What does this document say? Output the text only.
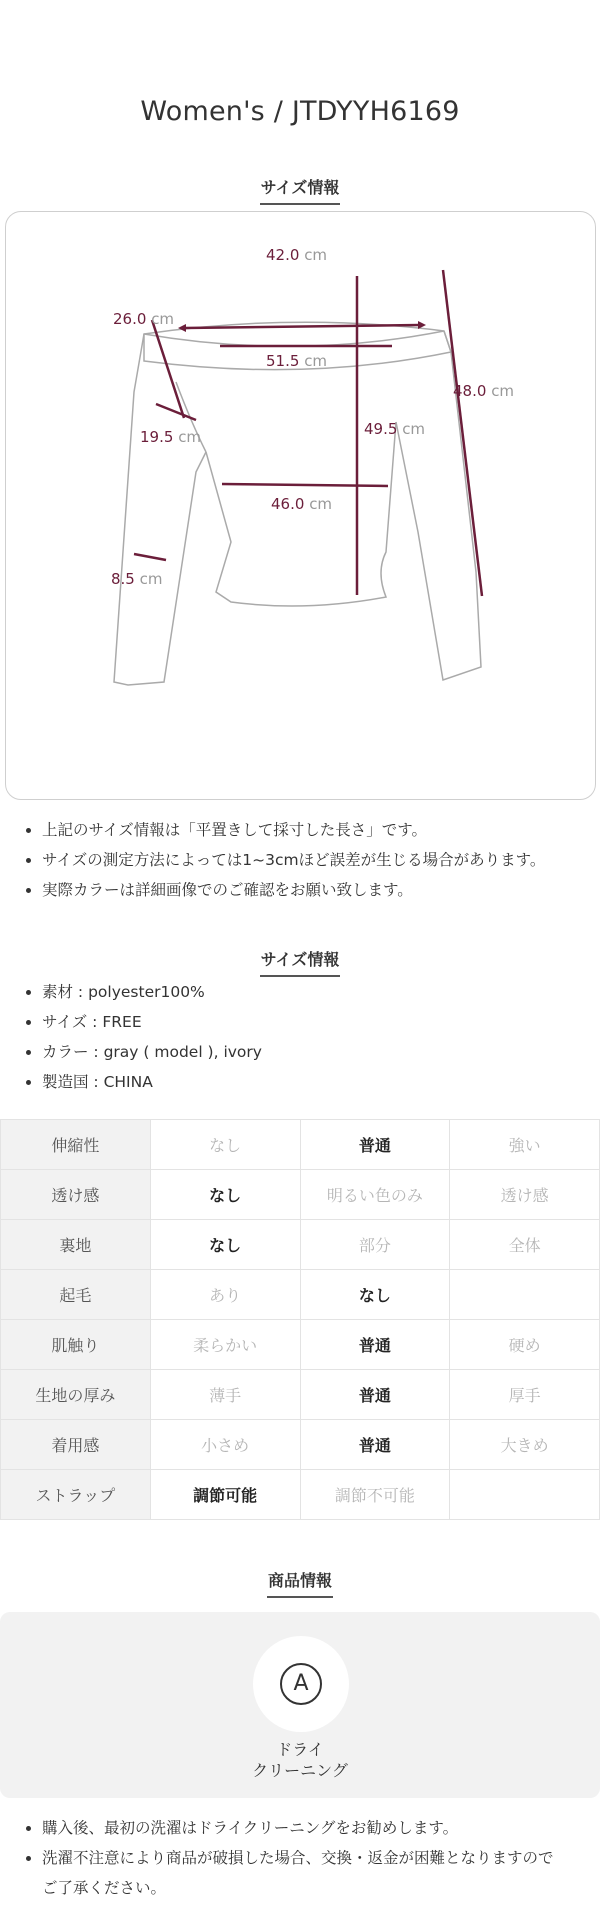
Women's / JTDYYH6169
サイズ情報
42.0 cm
26.0 cm
51.5 cm
48.0 cm
19.5 cm	49.5 cm
46.0 cm
8.5 cm
• 上記のサイズ情報は「平置きして採寸した長さ」です。
• サイズの測定方法によっては1~3cmほど誤差が生じる場合があります。
• 実際カラーは詳細画像でのご確認をお願い致します。
サイズ情報
• 素材 : polyester100%
• サイズ : FREE
• カラー : gray ( model ), ivory
• 製造国 : CHINA
伸縮性	なし	普通	強い
透け感	なし	明るい色のみ	透け感
裏地	なし	部分	全体
起毛	あり	なし	
肌触り	柔らかい	普通	硬め
生地の厚み	薄手	普通	厚手
着用感	小さめ	普通	大きめ
ストラップ	調節可能	調節不可能	
商品情報
A
ドライ
クリーニング
• 購入後、最初の洗濯はドライクリーニングをお勧めします。
• 洗濯不注意により商品が破損した場合、交換・返金が困難となりますので
ご了承ください。
